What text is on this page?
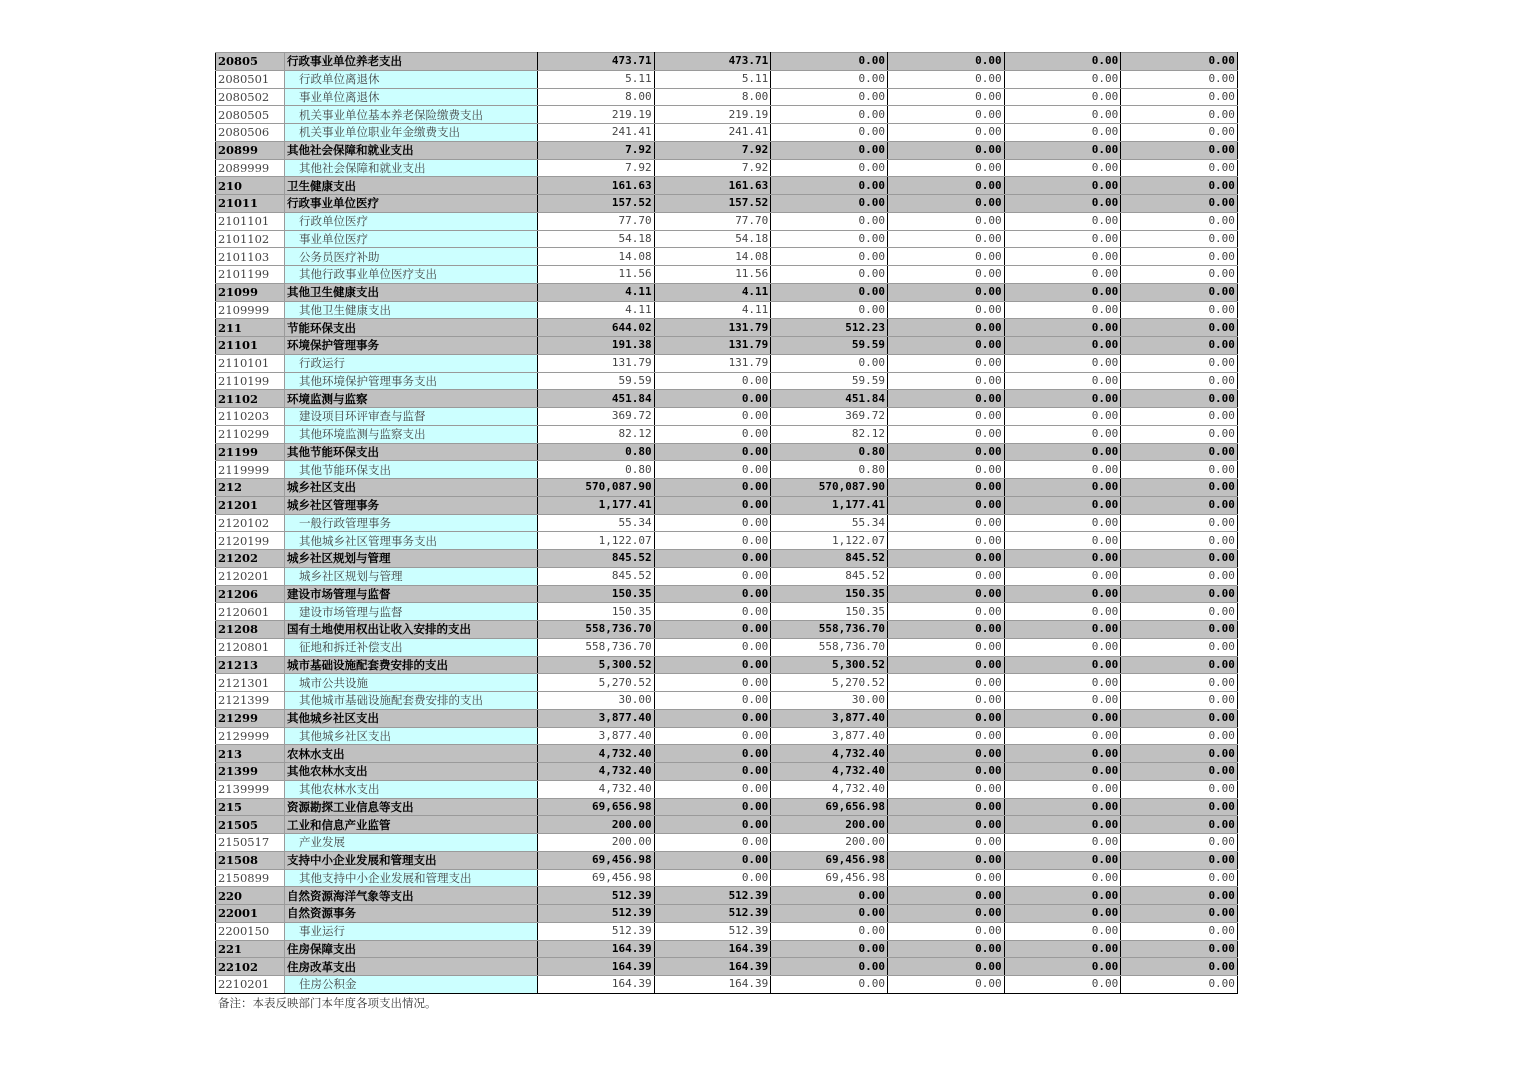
20805	行政事业单位养老支出	473.71	473.71	0.00	0.00	0.00	0.00
2080501	行政单位离退休	5.11	5.11	0.00	0.00	0.00	0.00
2080502	事业单位离退休	8.00	8.00	0.00	0.00	0.00	0.00
2080505	机关事业单位基本养老保险缴费支出	219.19	219.19	0.00	0.00	0.00	0.00
2080506	机关事业单位职业年金缴费支出	241.41	241.41	0.00	0.00	0.00	0.00
20899	其他社会保障和就业支出	7.92	7.92	0.00	0.00	0.00	0.00
2089999	其他社会保障和就业支出	7.92	7.92	0.00	0.00	0.00	0.00
210	卫生健康支出	161.63	161.63	0.00	0.00	0.00	0.00
21011	行政事业单位医疗	157.52	157.52	0.00	0.00	0.00	0.00
2101101	行政单位医疗	77.70	77.70	0.00	0.00	0.00	0.00
2101102	事业单位医疗	54.18	54.18	0.00	0.00	0.00	0.00
2101103	公务员医疗补助	14.08	14.08	0.00	0.00	0.00	0.00
2101199	其他行政事业单位医疗支出	11.56	11.56	0.00	0.00	0.00	0.00
21099	其他卫生健康支出	4.11	4.11	0.00	0.00	0.00	0.00
2109999	其他卫生健康支出	4.11	4.11	0.00	0.00	0.00	0.00
211	节能环保支出	644.02	131.79	512.23	0.00	0.00	0.00
21101	环境保护管理事务	191.38	131.79	59.59	0.00	0.00	0.00
2110101	行政运行	131.79	131.79	0.00	0.00	0.00	0.00
2110199	其他环境保护管理事务支出	59.59	0.00	59.59	0.00	0.00	0.00
21102	环境监测与监察	451.84	0.00	451.84	0.00	0.00	0.00
2110203	建设项目环评审查与监督	369.72	0.00	369.72	0.00	0.00	0.00
2110299	其他环境监测与监察支出	82.12	0.00	82.12	0.00	0.00	0.00
21199	其他节能环保支出	0.80	0.00	0.80	0.00	0.00	0.00
2119999	其他节能环保支出	0.80	0.00	0.80	0.00	0.00	0.00
212	城乡社区支出	570,087.90	0.00	570,087.90	0.00	0.00	0.00
21201	城乡社区管理事务	1,177.41	0.00	1,177.41	0.00	0.00	0.00
2120102	一般行政管理事务	55.34	0.00	55.34	0.00	0.00	0.00
2120199	其他城乡社区管理事务支出	1,122.07	0.00	1,122.07	0.00	0.00	0.00
21202	城乡社区规划与管理	845.52	0.00	845.52	0.00	0.00	0.00
2120201	城乡社区规划与管理	845.52	0.00	845.52	0.00	0.00	0.00
21206	建设市场管理与监督	150.35	0.00	150.35	0.00	0.00	0.00
2120601	建设市场管理与监督	150.35	0.00	150.35	0.00	0.00	0.00
21208	国有土地使用权出让收入安排的支出	558,736.70	0.00	558,736.70	0.00	0.00	0.00
2120801	征地和拆迁补偿支出	558,736.70	0.00	558,736.70	0.00	0.00	0.00
21213	城市基础设施配套费安排的支出	5,300.52	0.00	5,300.52	0.00	0.00	0.00
2121301	城市公共设施	5,270.52	0.00	5,270.52	0.00	0.00	0.00
2121399	其他城市基础设施配套费安排的支出	30.00	0.00	30.00	0.00	0.00	0.00
21299	其他城乡社区支出	3,877.40	0.00	3,877.40	0.00	0.00	0.00
2129999	其他城乡社区支出	3,877.40	0.00	3,877.40	0.00	0.00	0.00
213	农林水支出	4,732.40	0.00	4,732.40	0.00	0.00	0.00
21399	其他农林水支出	4,732.40	0.00	4,732.40	0.00	0.00	0.00
2139999	其他农林水支出	4,732.40	0.00	4,732.40	0.00	0.00	0.00
215	资源勘探工业信息等支出	69,656.98	0.00	69,656.98	0.00	0.00	0.00
21505	工业和信息产业监管	200.00	0.00	200.00	0.00	0.00	0.00
2150517	产业发展	200.00	0.00	200.00	0.00	0.00	0.00
21508	支持中小企业发展和管理支出	69,456.98	0.00	69,456.98	0.00	0.00	0.00
2150899	其他支持中小企业发展和管理支出	69,456.98	0.00	69,456.98	0.00	0.00	0.00
220	自然资源海洋气象等支出	512.39	512.39	0.00	0.00	0.00	0.00
22001	自然资源事务	512.39	512.39	0.00	0.00	0.00	0.00
2200150	事业运行	512.39	512.39	0.00	0.00	0.00	0.00
221	住房保障支出	164.39	164.39	0.00	0.00	0.00	0.00
22102	住房改革支出	164.39	164.39	0.00	0.00	0.00	0.00
2210201	住房公积金	164.39	164.39	0.00	0.00	0.00	0.00
备注：本表反映部门本年度各项支出情况。
